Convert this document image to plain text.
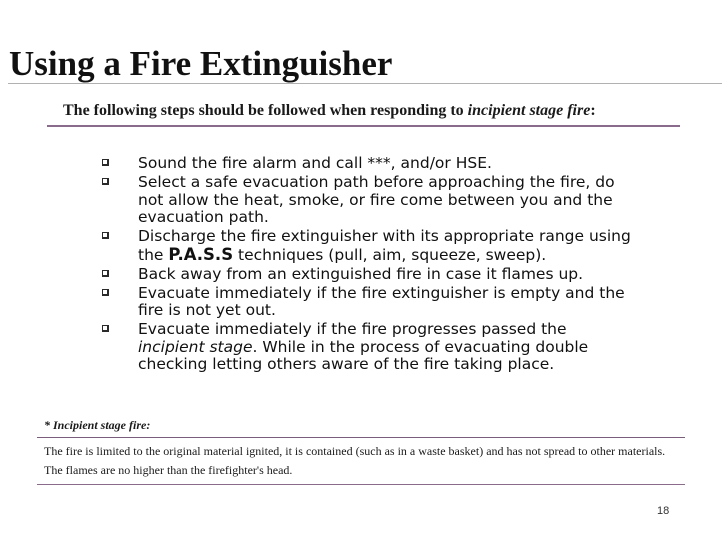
Using a Fire Extinguisher
The following steps should be followed when responding to incipient stage fire:
Sound the fire alarm and call ***, and/or HSE.
Select a safe evacuation path before approaching the fire, do not allow the heat, smoke, or fire come between you and the evacuation path.
Discharge the fire extinguisher with its appropriate range using the P.A.S.S techniques (pull, aim, squeeze, sweep).
Back away from an extinguished fire in case it flames up.
Evacuate immediately if the fire extinguisher is empty and the fire is not yet out.
Evacuate immediately if the fire progresses passed the incipient stage. While in the process of evacuating double checking letting others aware of the fire taking place.
* Incipient stage fire:
The fire is limited to the original material ignited, it is contained (such as in a waste basket) and has not spread to other materials. The flames are no higher than the firefighter's head.
18
